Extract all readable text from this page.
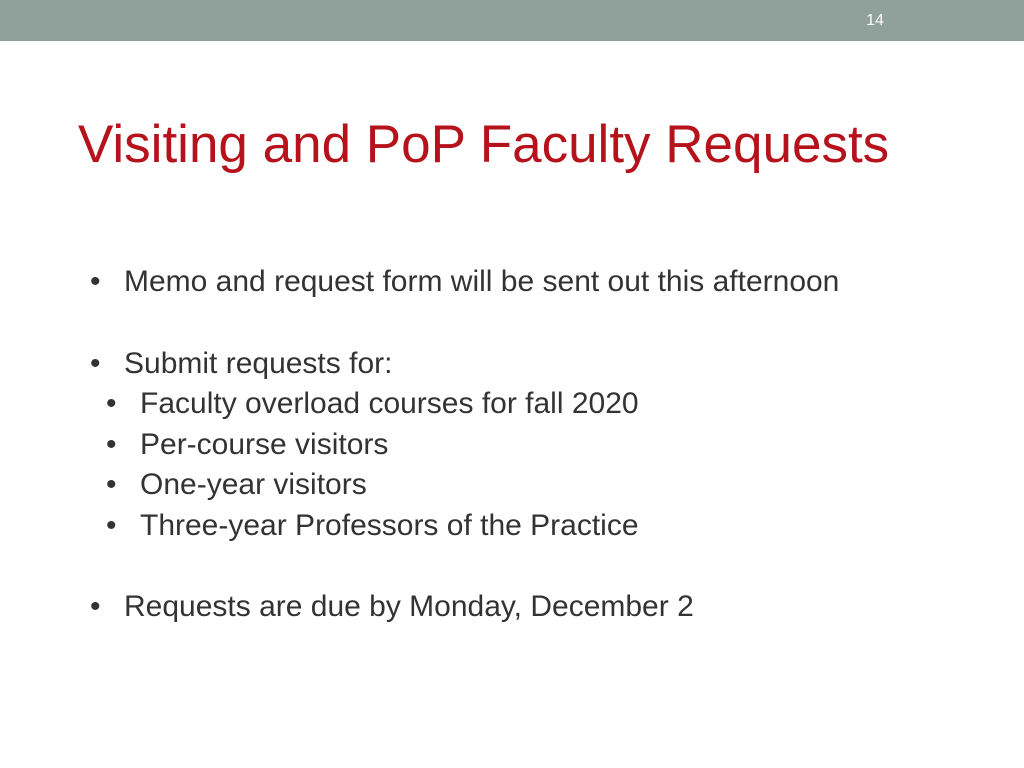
14
Visiting and PoP Faculty Requests
• Memo and request form will be sent out this afternoon
• Submit requests for:
• Faculty overload courses for fall 2020
• Per-course visitors
• One-year visitors
• Three-year Professors of the Practice
• Requests are due by Monday, December 2
